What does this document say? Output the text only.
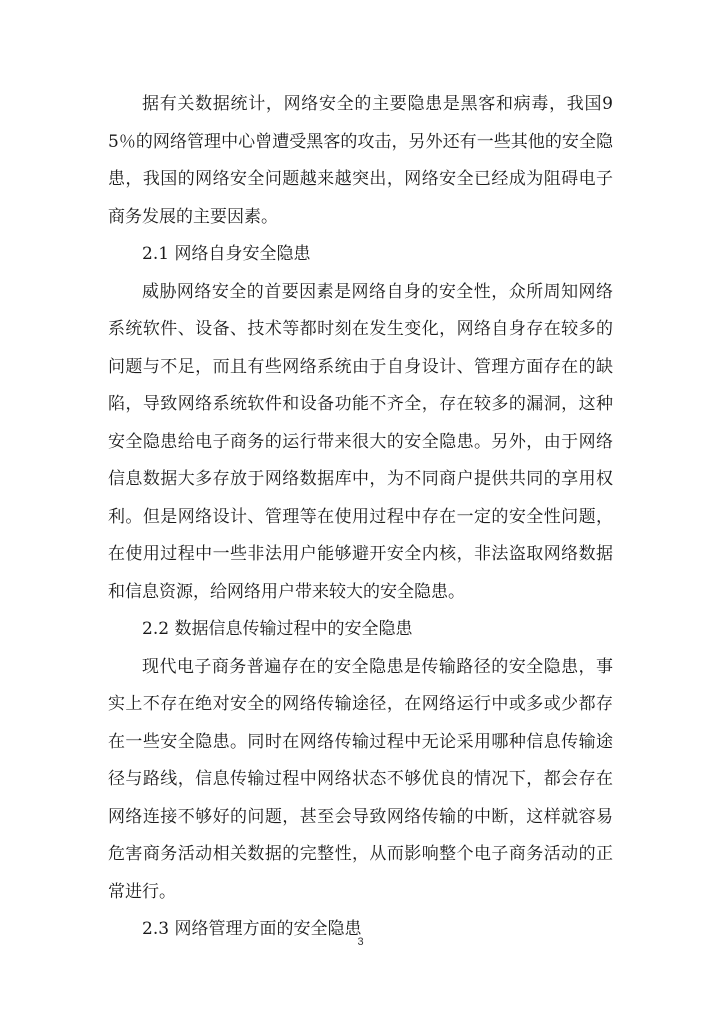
据有关数据统计，网络安全的主要隐患是黑客和病毒，我国95％的网络管理中心曾遭受黑客的攻击，另外还有一些其他的安全隐患，我国的网络安全问题越来越突出，网络安全已经成为阻碍电子商务发展的主要因素。

2.1 网络自身安全隐患

威胁网络安全的首要因素是网络自身的安全性，众所周知网络系统软件、设备、技术等都时刻在发生变化，网络自身存在较多的问题与不足，而且有些网络系统由于自身设计、管理方面存在的缺陷，导致网络系统软件和设备功能不齐全，存在较多的漏洞，这种安全隐患给电子商务的运行带来很大的安全隐患。另外，由于网络信息数据大多存放于网络数据库中，为不同商户提供共同的享用权利。但是网络设计、管理等在使用过程中存在一定的安全性问题，在使用过程中一些非法用户能够避开安全内核，非法盗取网络数据和信息资源，给网络用户带来较大的安全隐患。

2.2 数据信息传输过程中的安全隐患

现代电子商务普遍存在的安全隐患是传输路径的安全隐患，事实上不存在绝对安全的网络传输途径，在网络运行中或多或少都存在一些安全隐患。同时在网络传输过程中无论采用哪种信息传输途径与路线，信息传输过程中网络状态不够优良的情况下，都会存在网络连接不够好的问题，甚至会导致网络传输的中断，这样就容易危害商务活动相关数据的完整性，从而影响整个电子商务活动的正常进行。

2.3 网络管理方面的安全隐患

3
